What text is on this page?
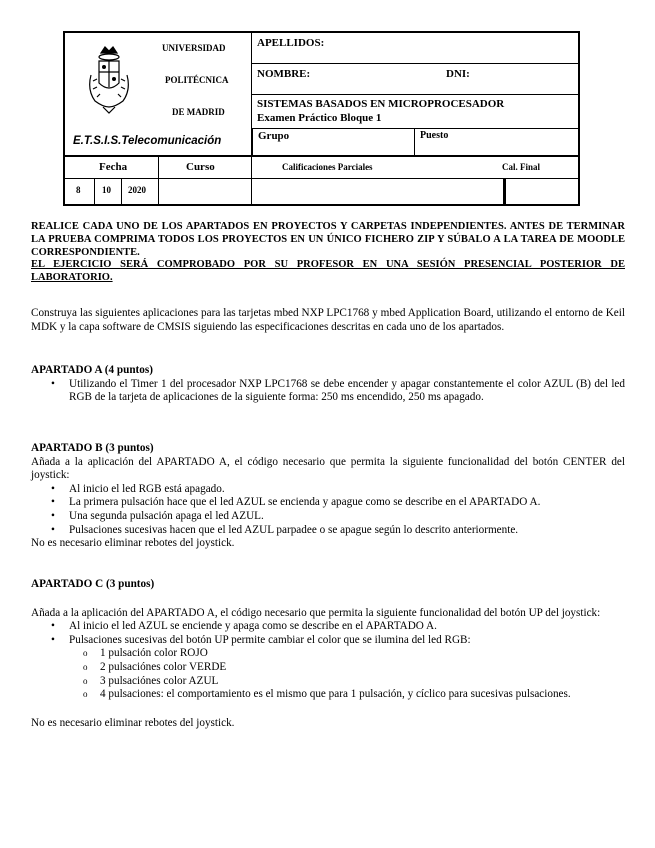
UNIVERSIDAD
POLITÉCNICA
DE MADRID
E.T.S.I.S.Telecomunicación
APELLIDOS:
NOMBRE:	DNI:
SISTEMAS BASADOS EN MICROPROCESADOR
Examen Práctico Bloque 1
Grupo	Puesto
Fecha	Curso	Calificaciones Parciales	Cal. Final
8 10 2020

REALICE CADA UNO DE LOS APARTADOS EN PROYECTOS Y CARPETAS INDEPENDIENTES. ANTES DE TERMINAR LA PRUEBA COMPRIMA TODOS LOS PROYECTOS EN UN ÚNICO FICHERO ZIP Y SÚBALO A LA TAREA DE MOODLE CORRESPONDIENTE.

EL EJERCICIO SERÁ COMPROBADO POR SU PROFESOR EN UNA SESIÓN PRESENCIAL POSTERIOR DE LABORATORIO.

Construya las siguientes aplicaciones para las tarjetas mbed NXP LPC1768 y mbed Application Board, utilizando el entorno de Keil MDK y la capa software de CMSIS siguiendo las especificaciones descritas en cada uno de los apartados.

APARTADO A (4 puntos)

• Utilizando el Timer 1 del procesador NXP LPC1768 se debe encender y apagar constantemente el color AZUL (B) del led RGB de la tarjeta de aplicaciones de la siguiente forma: 250 ms encendido, 250 ms apagado.

APARTADO B (3 puntos)

Añada a la aplicación del APARTADO A, el código necesario que permita la siguiente funcionalidad del botón CENTER del joystick:

• Al inicio el led RGB está apagado.
• La primera pulsación hace que el led AZUL se encienda y apague como se describe en el APARTADO A.
• Una segunda pulsación apaga el led AZUL.
• Pulsaciones sucesivas hacen que el led AZUL parpadee o se apague según lo descrito anteriormente.

No es necesario eliminar rebotes del joystick.

APARTADO C (3 puntos)

Añada a la aplicación del APARTADO A, el código necesario que permita la siguiente funcionalidad del botón UP del joystick:

• Al inicio el led AZUL se enciende y apaga como se describe en el APARTADO A.
• Pulsaciones sucesivas del botón UP permite cambiar el color que se ilumina del led RGB:
o 1 pulsación color ROJO
o 2 pulsaciónes color VERDE
o 3 pulsaciónes color AZUL
o 4 pulsaciones: el comportamiento es el mismo que para 1 pulsación, y cíclico para sucesivas pulsaciones.

No es necesario eliminar rebotes del joystick.
